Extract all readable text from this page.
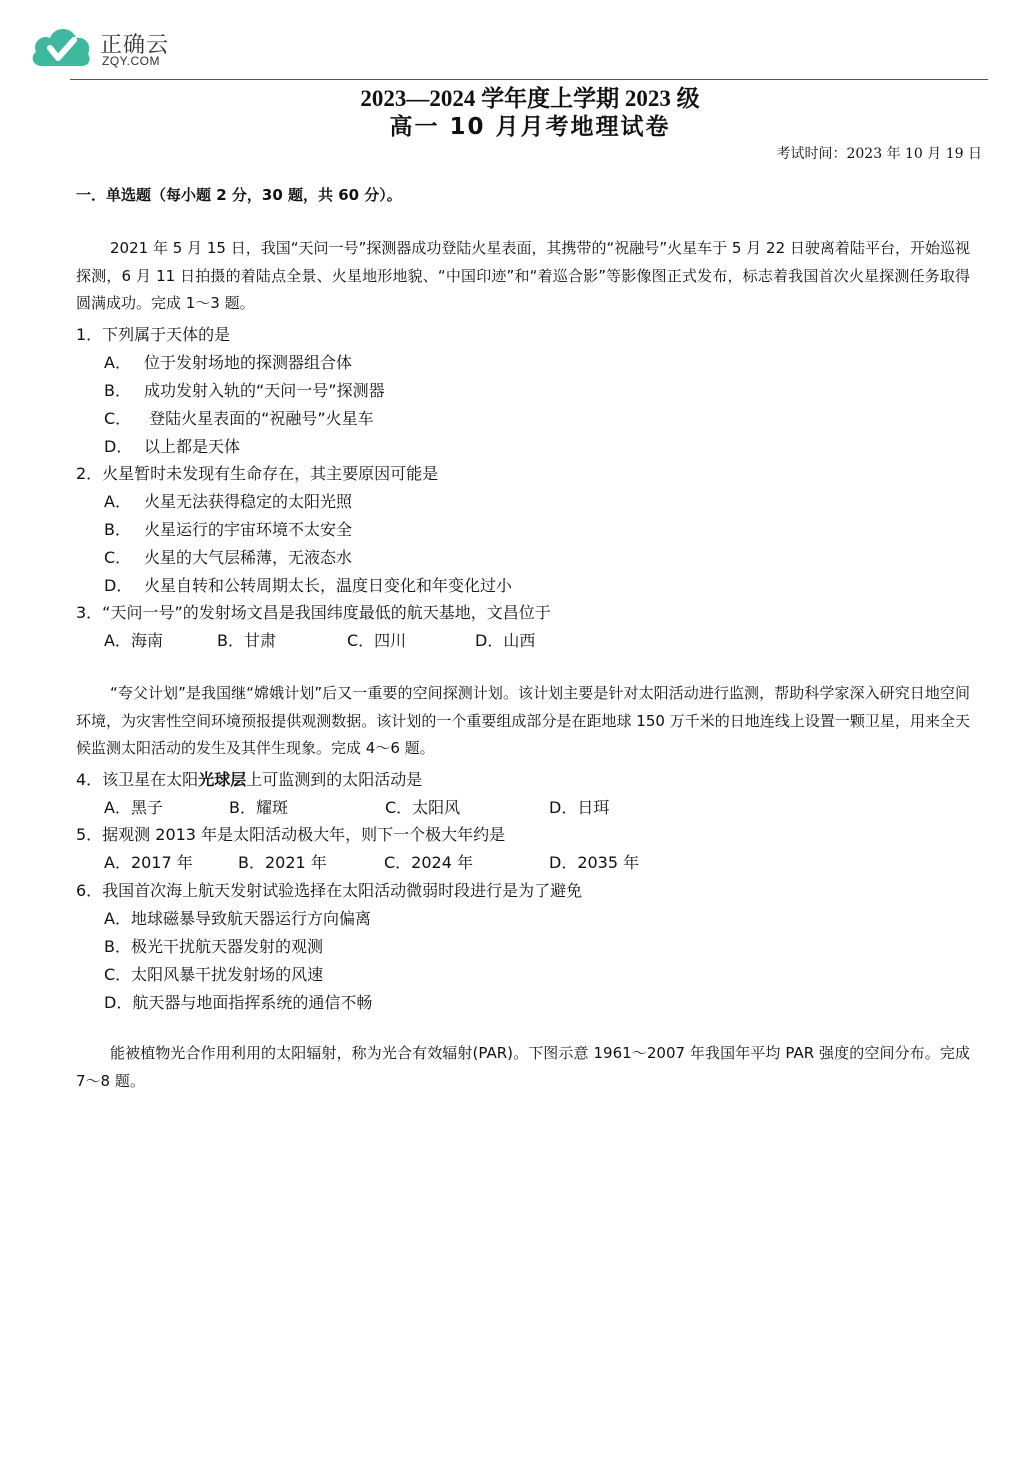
正确云
ZQY.COM
2023—2024 学年度上学期 2023 级
高一 10 月月考地理试卷
考试时间：2023 年 10 月 19 日
一．单选题（每小题 2 分，30 题，共 60 分）。
2021 年 5 月 15 日，我国“天问一号”探测器成功登陆火星表面，其携带的“祝融号”火星车于 5 月 22 日驶离着陆平台，开始巡视探测，6 月 11 日拍摄的着陆点全景、火星地形地貌、“中国印迹”和“着巡合影”等影像图正式发布，标志着我国首次火星探测任务取得圆满成功。完成 1～3 题。
1．下列属于天体的是
A． 位于发射场地的探测器组合体
B． 成功发射入轨的“天问一号”探测器
C． 登陆火星表面的“祝融号”火星车
D． 以上都是天体
2．火星暂时未发现有生命存在，其主要原因可能是
A． 火星无法获得稳定的太阳光照
B． 火星运行的宇宙环境不太安全
C． 火星的大气层稀薄，无液态水
D． 火星自转和公转周期太长，温度日变化和年变化过小
3．“天问一号”的发射场文昌是我国纬度最低的航天基地，文昌位于
A．海南	B．甘肃	C．四川	D．山西
“夸父计划”是我国继“嫦娥计划”后又一重要的空间探测计划。该计划主要是针对太阳活动进行监测，帮助科学家深入研究日地空间环境，为灾害性空间环境预报提供观测数据。该计划的一个重要组成部分是在距地球 150 万千米的日地连线上设置一颗卫星，用来全天候监测太阳活动的发生及其伴生现象。完成 4～6 题。
4．该卫星在太阳光球层上可监测到的太阳活动是
A．黑子	B．耀斑	C．太阳风	D．日珥
5．据观测 2013 年是太阳活动极大年，则下一个极大年约是
A．2017 年	B．2021 年	C．2024 年	D．2035 年
6．我国首次海上航天发射试验选择在太阳活动微弱时段进行是为了避免
A．地球磁暴导致航天器运行方向偏离
B．极光干扰航天器发射的观测
C．太阳风暴干扰发射场的风速
D．航天器与地面指挥系统的通信不畅
能被植物光合作用利用的太阳辐射，称为光合有效辐射(PAR)。下图示意 1961～2007 年我国年平均 PAR 强度的空间分布。完成 7～8 题。
